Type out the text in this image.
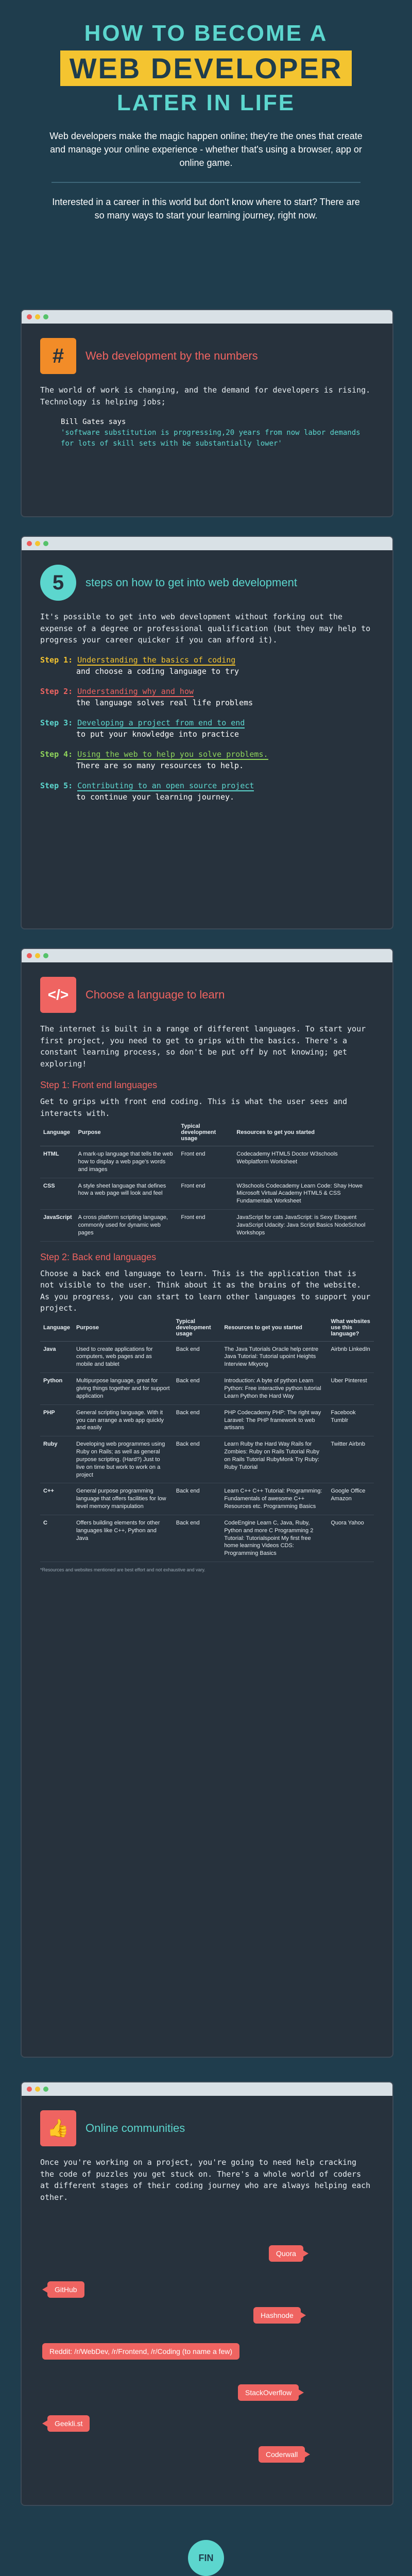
HOW TO BECOME A
WEB DEVELOPER
LATER IN LIFE
Web developers make the magic happen online; they're the ones that create and manage your online experience - whether that's using a browser, app or online game.
Interested in a career in this world but don't know where to start? There are so many ways to start your learning journey, right now.
#	Web development by the numbers
The world of work is changing, and the demand for developers is rising. Technology is helping jobs;
Bill Gates says
'software substitution is progressing,20 years from now labor demands for lots of skill sets with be substantially lower'
5	steps on how to get into web development
It's possible to get into web development without forking out the expense of a degree or professional qualification (but they may help to progress your career quicker if you can afford it).
Step 1: Understanding the basics of coding
and choose a coding language to try
Step 2: Understanding why and how
the language solves real life problems
Step 3: Developing a project from end to end
to put your knowledge into practice
Step 4: Using the web to help you solve problems.
There are so many resources to help.
Step 5: Contributing to an open source project
to continue your learning journey.
</>	Choose a language to learn
The internet is built in a range of different languages. To start your first project, you need to get to grips with the basics. There's a constant learning process, so don't be put off by not knowing; get exploring!
Step 1: Front end languages
Get to grips with front end coding. This is what the user sees and interacts with.
Language	Purpose	Typical development usage	Resources to get you started
HTML	A mark-up language that tells the web how to display a web page's words and images	Front end	Codecademy HTML5 Doctor W3schools Webplatform Worksheet
CSS	A style sheet language that defines how a web page will look and feel	Front end	W3schools Codecademy Learn Code: Shay Howe Microsoft Virtual Academy HTML5 & CSS Fundamentals Worksheet
JavaScript	A cross platform scripting language, commonly used for dynamic web pages	Front end	JavaScript for cats JavaScript: is Sexy Eloquent JavaScript Udacity: Java Script Basics NodeSchool Workshops
Step 2: Back end languages
Choose a back end language to learn. This is the application that is not visible to the user. Think about it as the brains of the website. As you progress, you can start to learn other languages to support your project.
Language	Purpose	Typical development usage	Resources to get you started	What websites use this language?
Java	Used to create applications for computers, web pages and as mobile and tablet	Back end	The Java Tutorials Oracle help centre Java Tutorial: Tutorial upoint Heights Interview Mkyong	Airbnb LinkedIn
Python	Multipurpose language, great for giving things together and for support application	Back end	Introduction: A byte of python Learn Python: Free interactive python tutorial Learn Python the Hard Way	Uber Pinterest
PHP	General scripting language. With it you can arrange a web app quickly and easily	Back end	PHP Codecademy PHP: The right way Laravel: The PHP framework to web artisans	Facebook Tumblr
Ruby	Developing web programmes using Ruby on Rails; as well as general purpose scripting. (Hard?) Just to live on time but work to work on a project	Back end	Learn Ruby the Hard Way Rails for Zombies: Ruby on Rails Tutorial Ruby on Rails Tutorial RubyMonk Try Ruby: Ruby Tutorial	Twitter Airbnb
C++	General purpose programming language that offers facilities for low level memory manipulation	Back end	Learn C++ C++ Tutorial: Programming: Fundamentals of awesome C++ Resources etc. Programming Basics	Google Office Amazon
C	Offers building elements for other languages like C++, Python and Java	Back end	CodeEngine Learn C, Java, Ruby, Python and more C Programming 2 Tutorial: Tutorialspoint My first free home learning Videos CDS: Programming Basics	Quora Yahoo
*Resources and websites mentioned are best effort and not exhaustive and vary.
👍	Online communities
Once you're working on a project, you're going to need help cracking the code of puzzles you get stuck on. There's a whole world of coders at different stages of their coding journey who are always helping each other.
Quora
GitHub
Hashnode
Reddit: /r/WebDev, /r/Frontend, /r/Coding (to name a few)
StackOverflow
Geekli.st
Coderwall
FIN
